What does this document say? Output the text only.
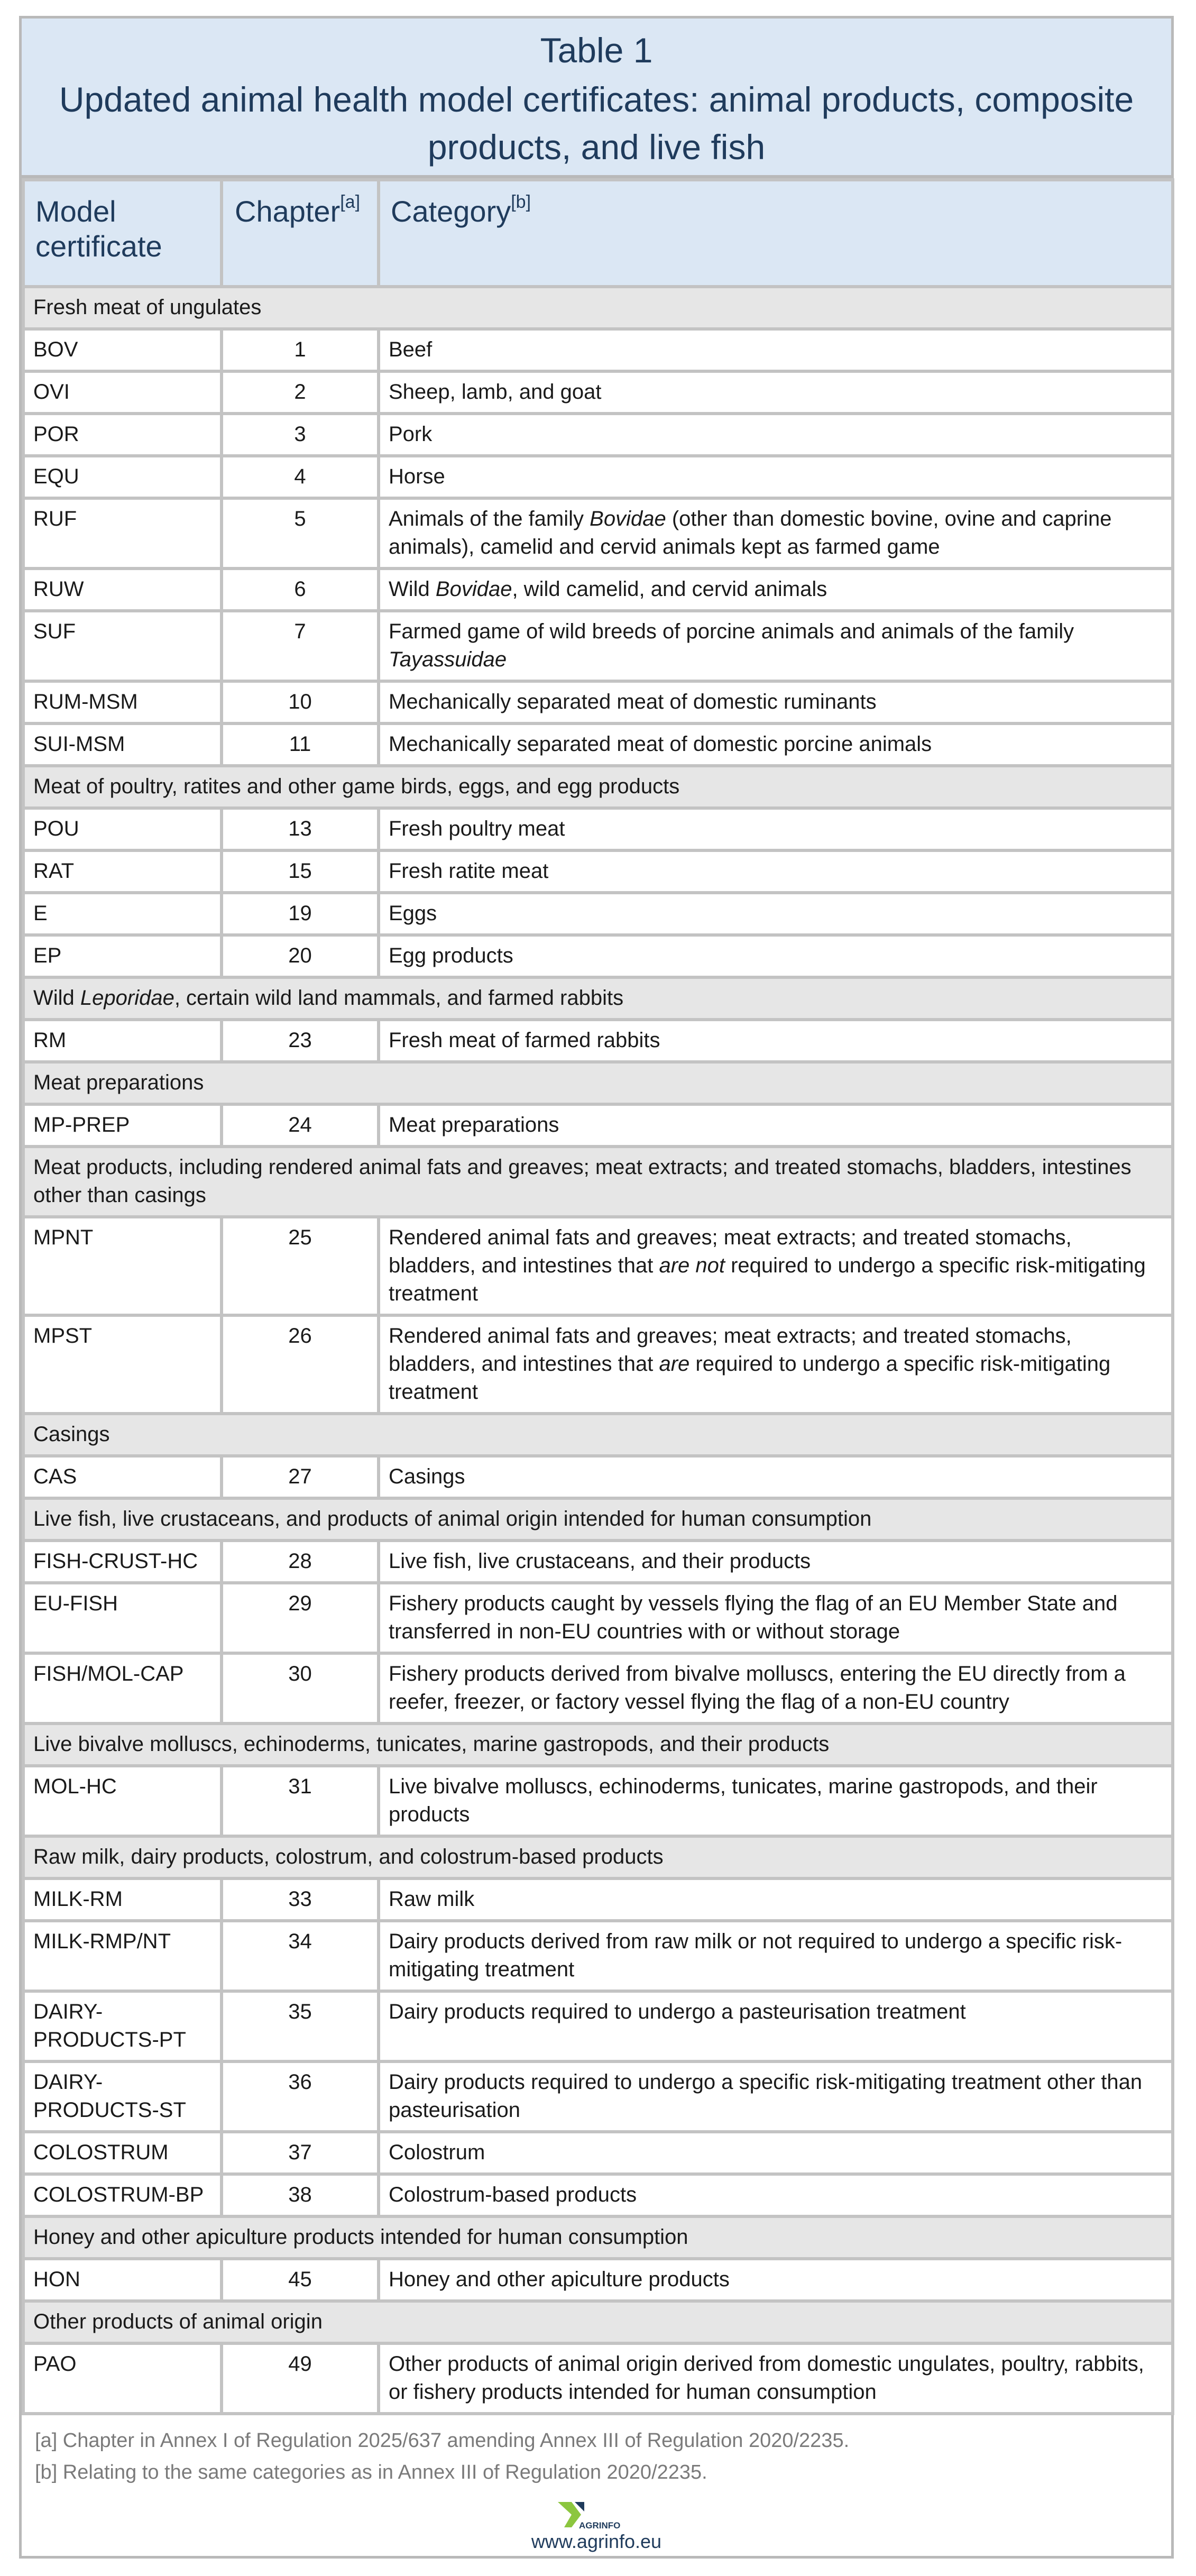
Table 1
Updated animal health model certificates: animal products, composite products, and live fish
Model certificate	Chapter[a]	Category[b]
Fresh meat of ungulates		
BOV	1	Beef
OVI	2	Sheep, lamb, and goat
POR	3	Pork
EQU	4	Horse
RUF	5	Animals of the family Bovidae (other than domestic bovine, ovine and caprine animals), camelid and cervid animals kept as farmed game
RUW	6	Wild Bovidae, wild camelid, and cervid animals
SUF	7	Farmed game of wild breeds of porcine animals and animals of the family Tayassuidae
RUM-MSM	10	Mechanically separated meat of domestic ruminants
SUI-MSM	11	Mechanically separated meat of domestic porcine animals
Meat of poultry, ratites and other game birds, eggs, and egg products		
POU	13	Fresh poultry meat
RAT	15	Fresh ratite meat
E	19	Eggs
EP	20	Egg products
Wild Leporidae, certain wild land mammals, and farmed rabbits		
RM	23	Fresh meat of farmed rabbits
Meat preparations		
MP-PREP	24	Meat preparations
Meat products, including rendered animal fats and greaves; meat extracts; and treated stomachs, bladders, intestines other than casings		
MPNT	25	Rendered animal fats and greaves; meat extracts; and treated stomachs, bladders, and intestines that are not required to undergo a specific risk-mitigating treatment
MPST	26	Rendered animal fats and greaves; meat extracts; and treated stomachs, bladders, and intestines that are required to undergo a specific risk-mitigating treatment
Casings		
CAS	27	Casings
Live fish, live crustaceans, and products of animal origin intended for human consumption		
FISH-CRUST-HC	28	Live fish, live crustaceans, and their products
EU-FISH	29	Fishery products caught by vessels flying the flag of an EU Member State and transferred in non-EU countries with or without storage
FISH/MOL-CAP	30	Fishery products derived from bivalve molluscs, entering the EU directly from a reefer, freezer, or factory vessel flying the flag of a non-EU country
Live bivalve molluscs, echinoderms, tunicates, marine gastropods, and their products		
MOL-HC	31	Live bivalve molluscs, echinoderms, tunicates, marine gastropods, and their products
Raw milk, dairy products, colostrum, and colostrum-based products		
MILK-RM	33	Raw milk
MILK-RMP/NT	34	Dairy products derived from raw milk or not required to undergo a specific risk-mitigating treatment
DAIRY-PRODUCTS-PT	35	Dairy products required to undergo a pasteurisation treatment
DAIRY-PRODUCTS-ST	36	Dairy products required to undergo a specific risk-mitigating treatment other than pasteurisation
COLOSTRUM	37	Colostrum
COLOSTRUM-BP	38	Colostrum-based products
Honey and other apiculture products intended for human consumption		
HON	45	Honey and other apiculture products
Other products of animal origin		
PAO	49	Other products of animal origin derived from domestic ungulates, poultry, rabbits, or fishery products intended for human consumption
[a] Chapter in Annex I of Regulation 2025/637 amending Annex III of Regulation 2020/2235.
[b] Relating to the same categories as in Annex III of Regulation 2020/2235.
AGRINFO
www.agrinfo.eu
